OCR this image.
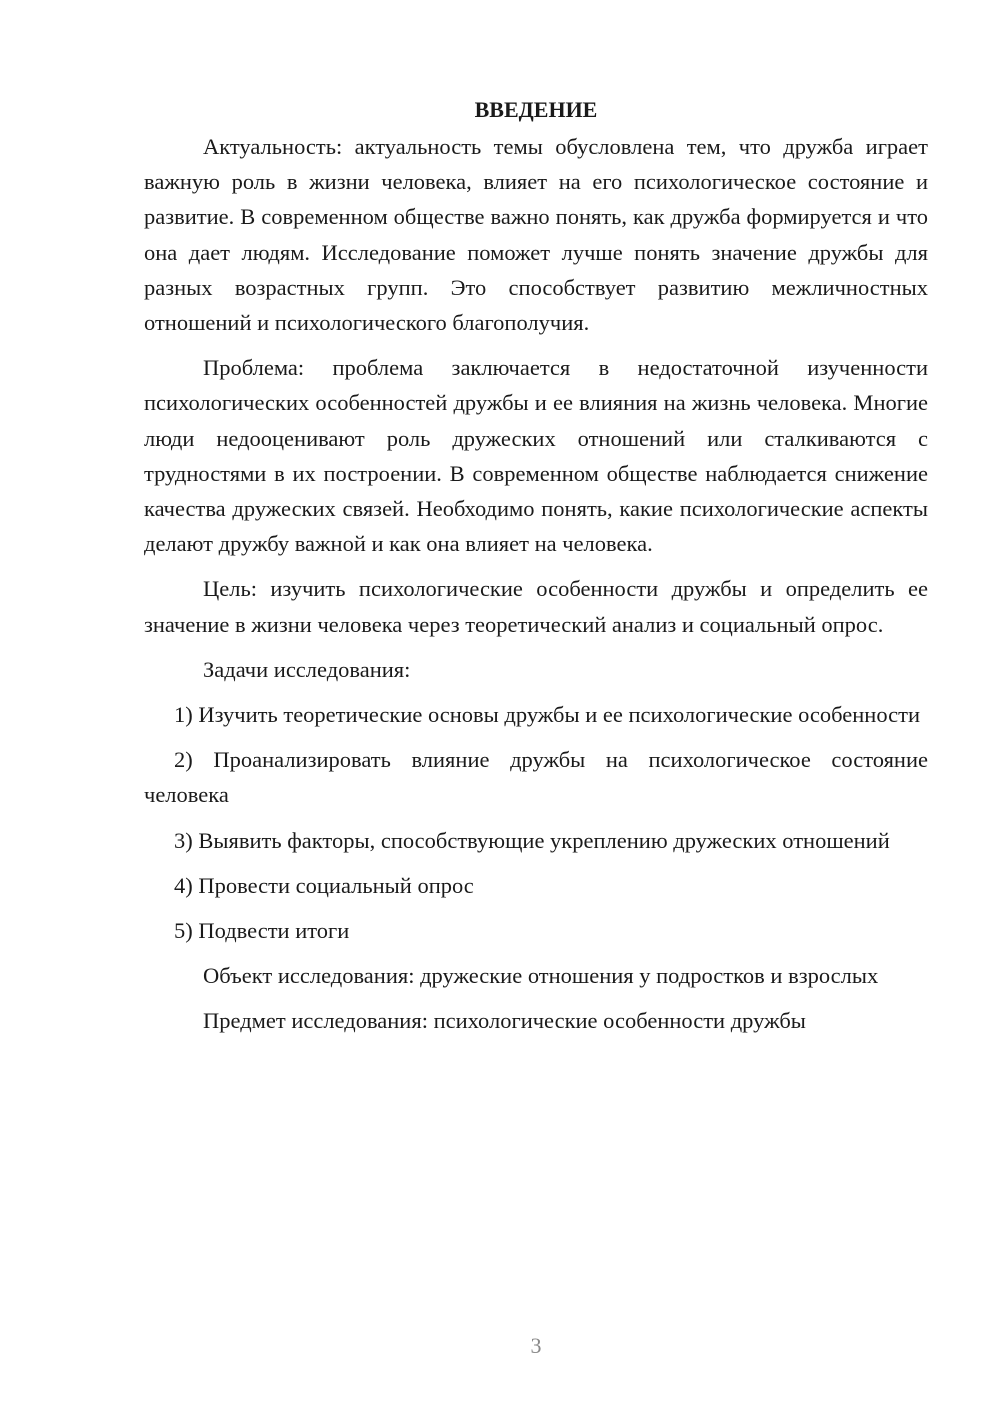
ВВЕДЕНИЕ

Актуальность: актуальность темы обусловлена тем, что дружба играет важную роль в жизни человека, влияет на его психологическое состояние и развитие. В современном обществе важно понять, как дружба формируется и что она дает людям. Исследование поможет лучше понять значение дружбы для разных возрастных групп. Это способствует развитию межличностных отношений и психологического благополучия.

Проблема: проблема заключается в недостаточной изученности психологических особенностей дружбы и ее влияния на жизнь человека. Многие люди недооценивают роль дружеских отношений или сталкиваются с трудностями в их построении. В современном обществе наблюдается снижение качества дружеских связей. Необходимо понять, какие психологические аспекты делают дружбу важной и как она влияет на человека.

Цель: изучить психологические особенности дружбы и определить ее значение в жизни человека через теоретический анализ и социальный опрос.

Задачи исследования:

1) Изучить теоретические основы дружбы и ее психологические особенности

2) Проанализировать влияние дружбы на психологическое состояние человека

3) Выявить факторы, способствующие укреплению дружеских отношений

4) Провести социальный опрос

5) Подвести итоги

Объект исследования: дружеские отношения у подростков и взрослых

Предмет исследования: психологические особенности дружбы

3
